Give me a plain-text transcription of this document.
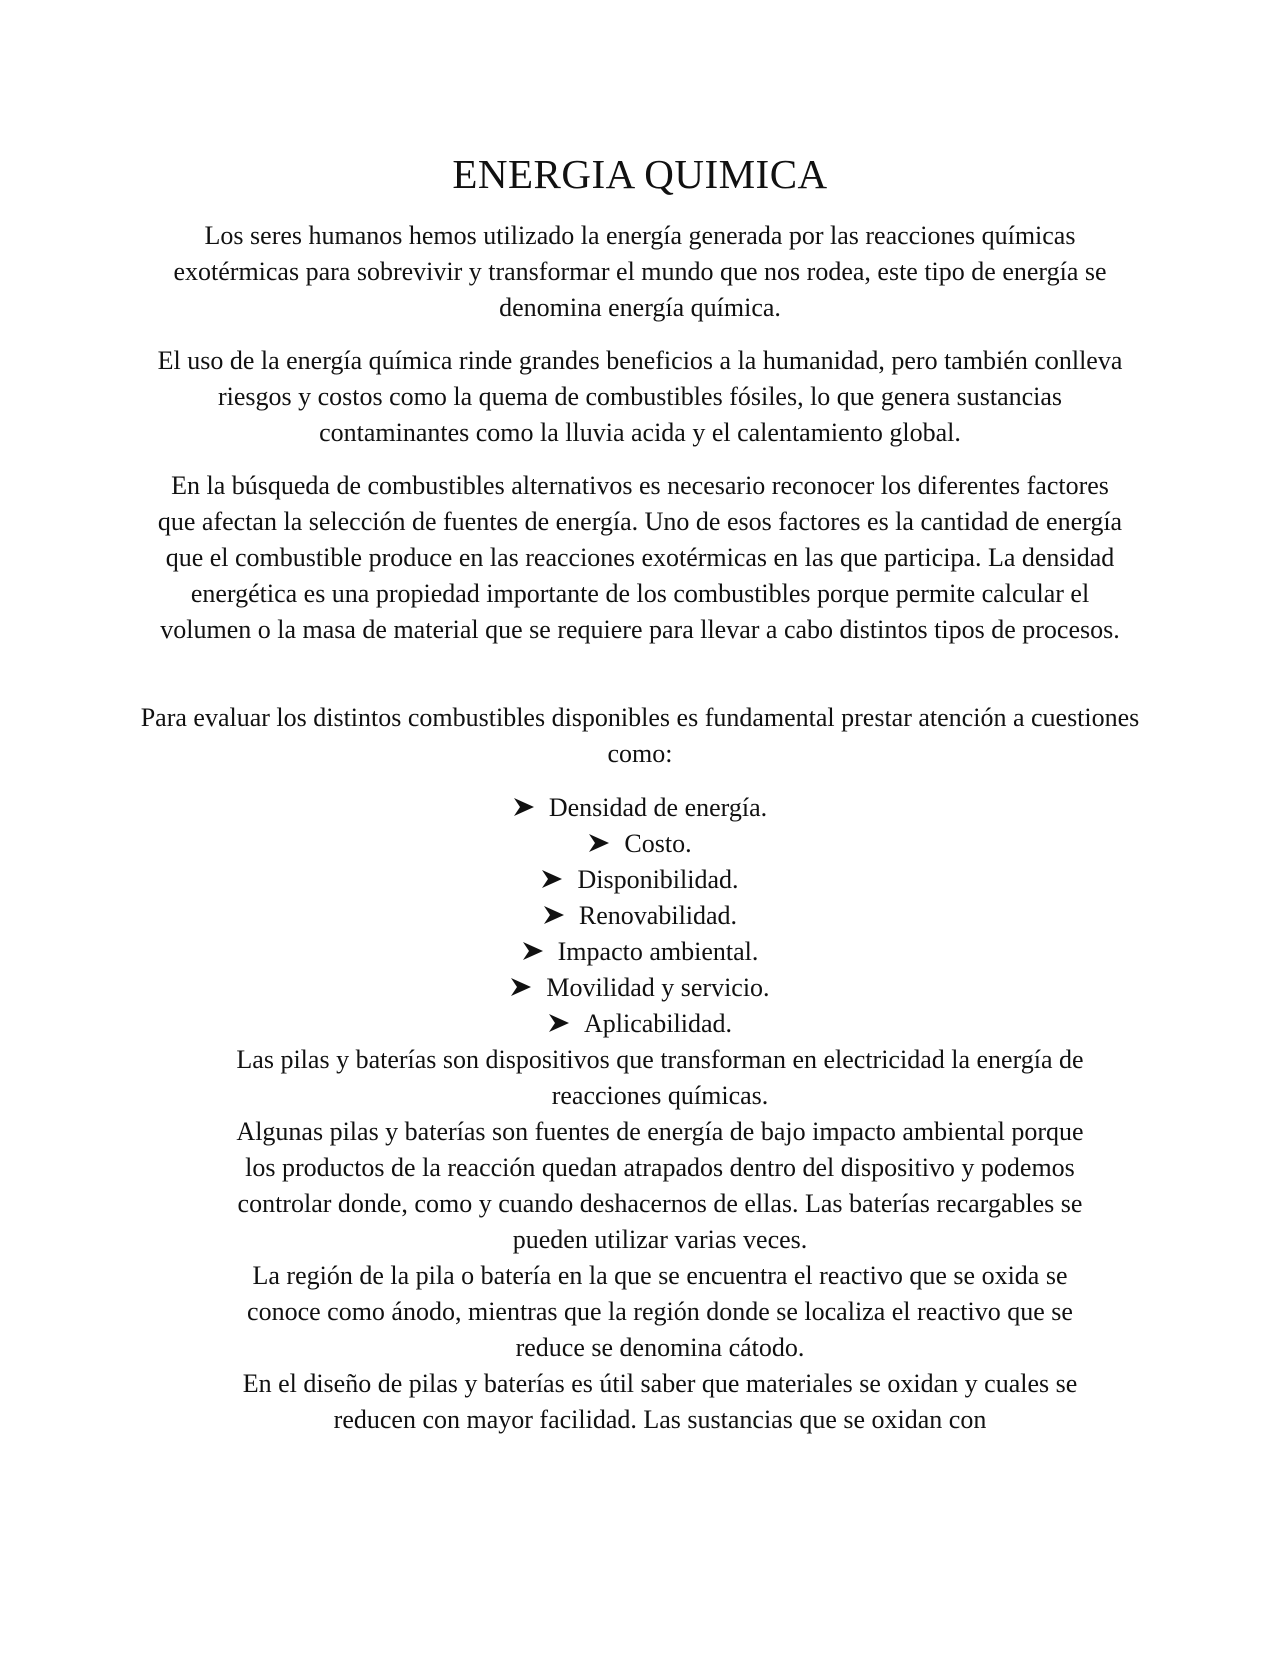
ENERGIA QUIMICA

Los seres humanos hemos utilizado la energía generada por las reacciones químicas exotérmicas para sobrevivir y transformar el mundo que nos rodea, este tipo de energía se denomina energía química.

El uso de la energía química rinde grandes beneficios a la humanidad, pero también conlleva riesgos y costos como la quema de combustibles fósiles, lo que genera sustancias contaminantes como la lluvia acida y el calentamiento global.

En la búsqueda de combustibles alternativos es necesario reconocer los diferentes factores que afectan la selección de fuentes de energía. Uno de esos factores es la cantidad de energía que el combustible produce en las reacciones exotérmicas en las que participa. La densidad energética es una propiedad importante de los combustibles porque permite calcular el volumen o la masa de material que se requiere para llevar a cabo distintos tipos de procesos.

Para evaluar los distintos combustibles disponibles es fundamental prestar atención a cuestiones como:

Densidad de energía.
Costo.
Disponibilidad.
Renovabilidad.
Impacto ambiental.
Movilidad y servicio.
Aplicabilidad.

Las pilas y baterías son dispositivos que transforman en electricidad la energía de reacciones químicas.

Algunas pilas y baterías son fuentes de energía de bajo impacto ambiental porque los productos de la reacción quedan atrapados dentro del dispositivo y podemos controlar donde, como y cuando deshacernos de ellas. Las baterías recargables se pueden utilizar varias veces.

La región de la pila o batería en la que se encuentra el reactivo que se oxida se conoce como ánodo, mientras que la región donde se localiza el reactivo que se reduce se denomina cátodo.

En el diseño de pilas y baterías es útil saber que materiales se oxidan y cuales se reducen con mayor facilidad. Las sustancias que se oxidan con
